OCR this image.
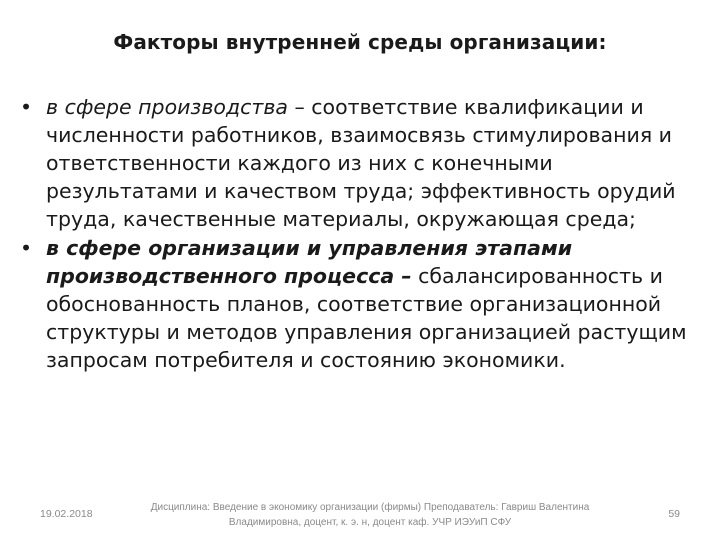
Факторы внутренней среды организации:
• в сфере производства – соответствие квалификации и численности работников, взаимосвязь стимулирования и ответственности каждого из них с конечными результатами и качеством труда; эффективность орудий труда, качественные материалы, окружающая среда;
• в сфере организации и управления этапами производственного процесса – сбалансированность и обоснованность планов, соответствие организационной структуры и методов управления организацией растущим запросам потребителя и состоянию экономики.
19.02.2018
Дисциплина: Введение в экономику организации (фирмы) Преподаватель: Гавриш Валентина
Владимировна, доцент, к. э. н, доцент каф. УЧР ИЭУиП СФУ
59
